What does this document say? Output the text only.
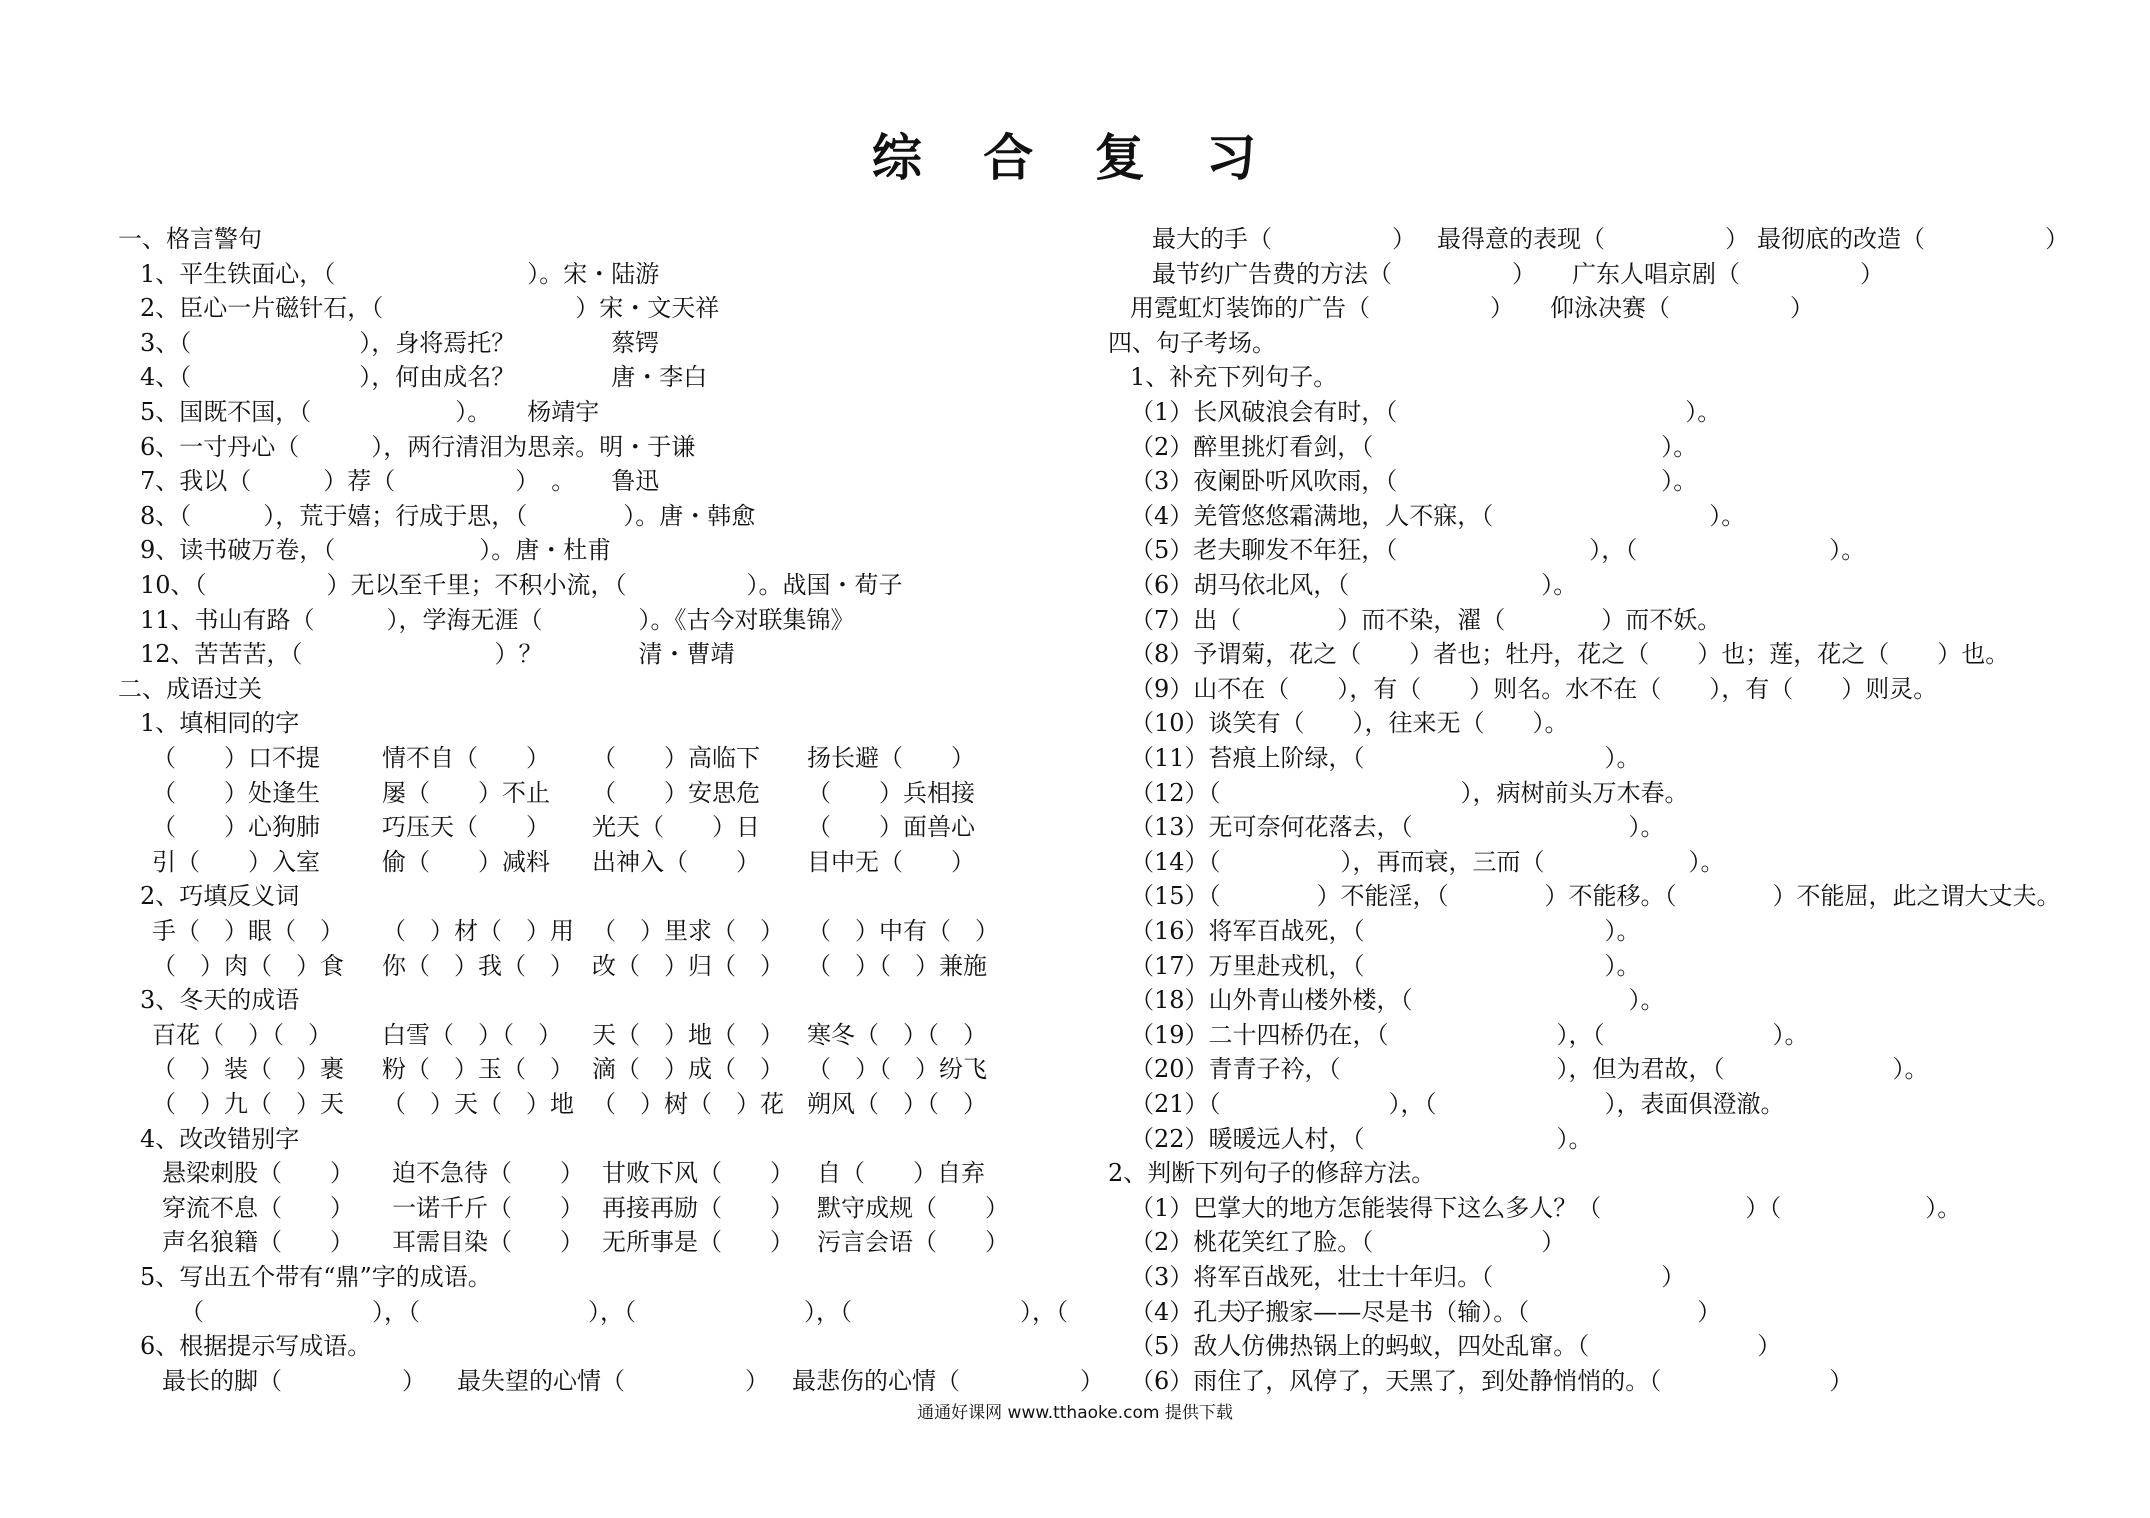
综 合 复 习
一、格言警句
1、平生铁面心，（　　　　　　　　）。宋・陆游
2、臣心一片磁针石，（　　　　　　　　）宋・文天祥
3、（　　　　　　　），身将焉托？　　　　蔡锷
4、（　　　　　　　），何由成名？　　　　唐・李白
5、国既不国，（　　　　　　）。　　杨靖宇
6、一寸丹心（　　　），两行清泪为思亲。明・于谦
7、我以（　　　）荐（　　　　　）　。　　鲁迅
8、（　　　），荒于嬉；行成于思，（　　　　）。唐・韩愈
9、读书破万卷，（　　　　　　）。唐・杜甫
10、（　　　　　）无以至千里；不积小流，（　　　　　）。战国・荀子
11、书山有路（　　　），学海无涯（　　　　）。《古今对联集锦》
12、苦苦苦，（　　　　　　　　）？　　　　清・曹靖
二、成语过关
1、填相同的字
（　　）口不提	情不自（　　） （　　）高临下 扬长避（　　）
（　　）处逢生	屡（　　）不止 （　　）安思危 （　　）兵相接
（　　）心狗肺	巧压天（　　） 光天（　　）日 （　　）面兽心
引（　　）入室	偷（　　）减料 出神入（　　） 目中无（　　）
2、巧填反义词
手（　）眼（　） （　）材（　）用 （　）里求（　） （　）中有（　）
（　）肉（　）食 你（　）我（　） 改（　）归（　） （　）（　）兼施
3、冬天的成语
百花（　）（　） 白雪（　）（　） 天（　）地（　） 寒冬（　）（　）
（　）装（　）裹 粉（　）玉（　） 滴（　）成（　） （　）（　）纷飞
（　）九（　）天 （　）天（　）地 （　）树（　）花 朔风（　）（　）
4、改改错别字
悬梁刺股（　　） 迫不急待（　　） 甘败下风（　　） 自（　　）自弃
穿流不息（　　） 一诺千斤（　　） 再接再励（　　） 默守成规（　　）
声名狼籍（　　） 耳需目染（　　） 无所事是（　　） 污言会语（　　）
5、写出五个带有“鼎”字的成语。
（　　　　　　　），（　　　　　　　），（　　　　　　　），（　　　　　　　），（　　　　　　　）
6、根据提示写成语。
最长的脚（　　　　　） 最失望的心情（　　　　　） 最悲伤的心情（　　　　　）
最大的手（　　　　　） 最得意的表现（　　　　　） 最彻底的改造（　　　　　）
最节约广告费的方法（　　　　　） 广东人唱京剧（　　　　　）
用霓虹灯装饰的广告（　　　　　） 仰泳决赛（　　　　　）
四、句子考场。
1、补充下列句子。
（1）长风破浪会有时，（　　　　　　　　　　　　）。
（2）醉里挑灯看剑，（　　　　　　　　　　　　）。
（3）夜阑卧听风吹雨，（　　　　　　　　　　　）。
（4）羌管悠悠霜满地，人不寐，（　　　　　　　　　）。
（5）老夫聊发不年狂，（　　　　　　　　），（　　　　　　　　）。
（6）胡马依北风，（　　　　　　　　）。
（7）出（　　　　）而不染，濯（　　　　）而不妖。
（8）予谓菊，花之（　　）者也；牡丹，花之（　　）也；莲，花之（　　）也。
（9）山不在（　　），有（　　）则名。水不在（　　），有（　　）则灵。
（10）谈笑有（　　），往来无（　　）。
（11）苔痕上阶绿，（　　　　　　　　　　）。
（12）（　　　　　　　　　　），病树前头万木春。
（13）无可奈何花落去，（　　　　　　　　　）。
（14）（　　　　　），再而衰，三而（　　　　　　）。
（15）（　　　　）不能淫，（　　　　）不能移。（　　　　）不能屈，此之谓大丈夫。
（16）将军百战死，（　　　　　　　　　　）。
（17）万里赴戎机，（　　　　　　　　　　）。
（18）山外青山楼外楼，（　　　　　　　　　）。
（19）二十四桥仍在，（　　　　　　　），（　　　　　　　）。
（20）青青子衿，（　　　　　　　　　），但为君故，（　　　　　　　）。
（21）（　　　　　　　），（　　　　　　　），表面俱澄澈。
（22）暖暖远人村，（　　　　　　　　）。
2、判断下列句子的修辞方法。
（1）巴掌大的地方怎能装得下这么多人？（　　　　　　）（　　　　　　）。
（2）桃花笑红了脸。（　　　　　　　）
（3）将军百战死，壮士十年归。（　　　　　　　）
（4）孔夫子搬家——尽是书（输）。（　　　　　　　）
（5）敌人仿佛热锅上的蚂蚁，四处乱窜。（　　　　　　　）
（6）雨住了，风停了，天黑了，到处静悄悄的。（　　　　　　　）
通通好课网 www.tthaoke.com 提供下载
